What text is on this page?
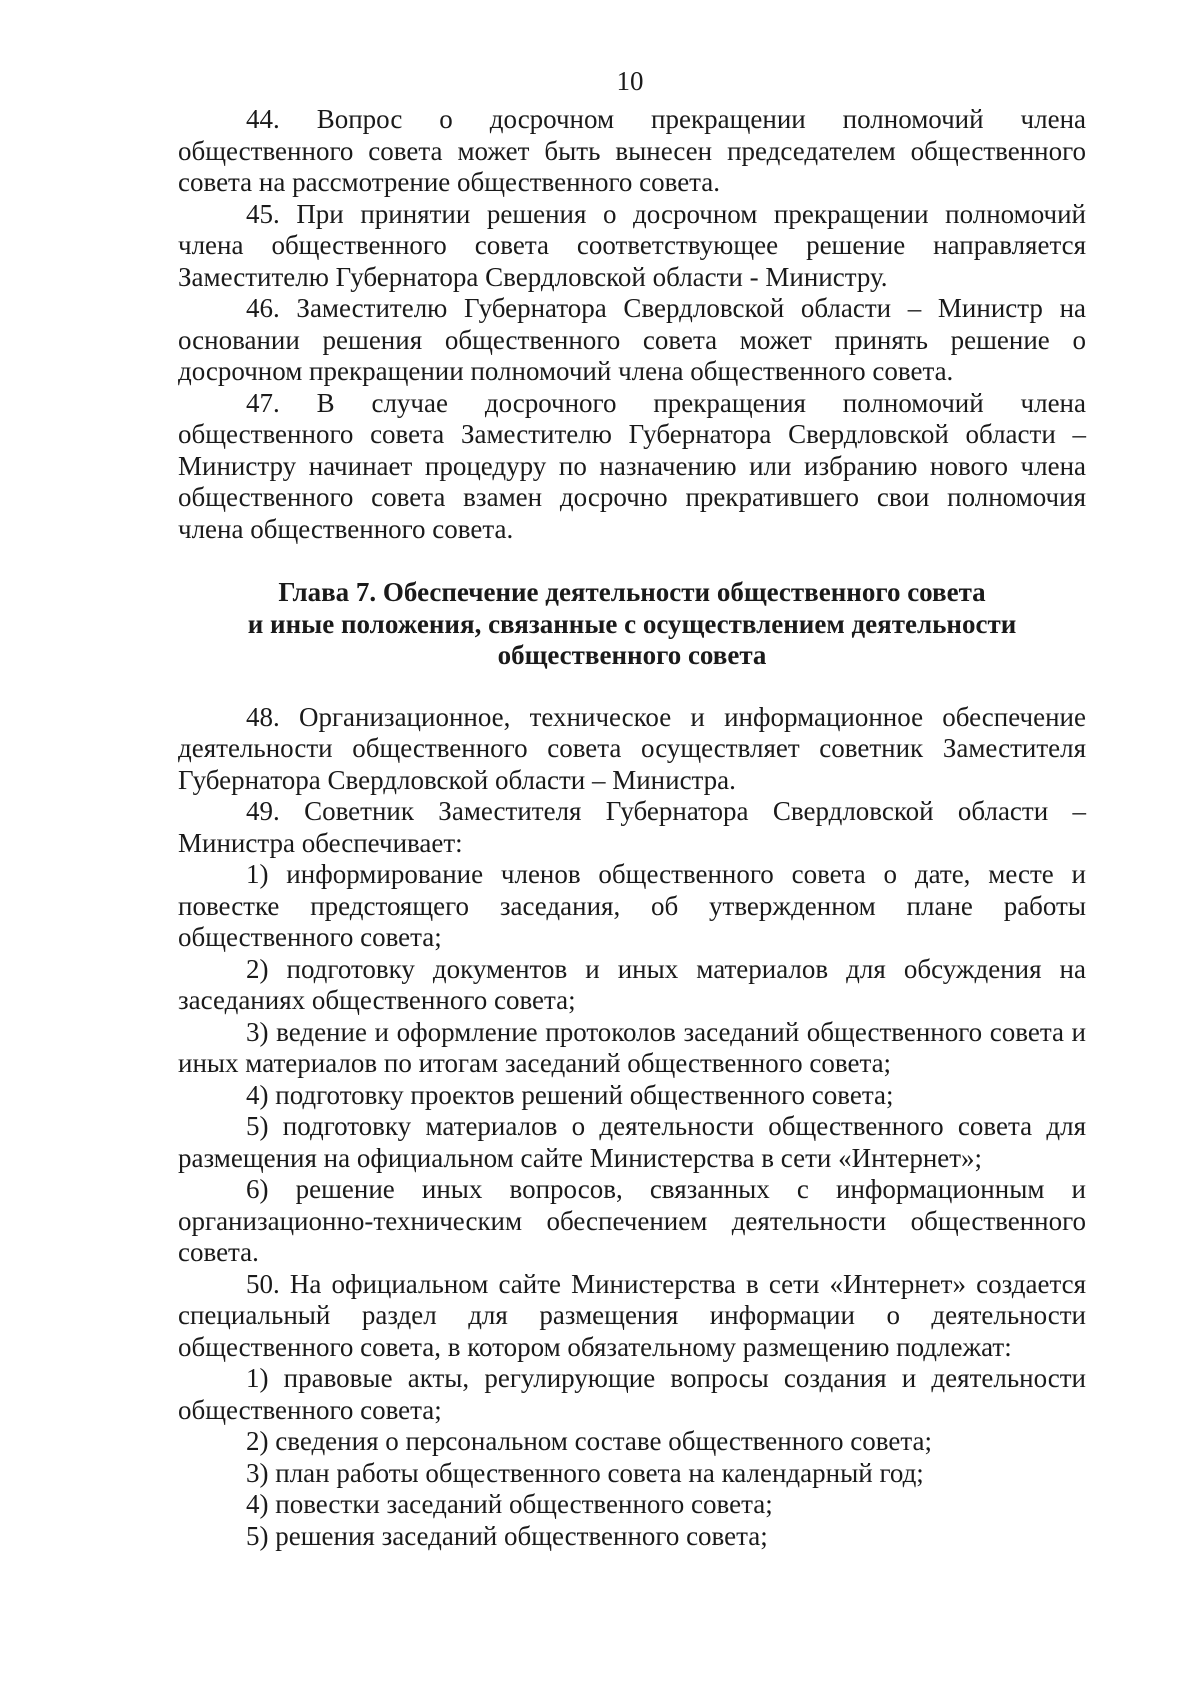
10

44. Вопрос о досрочном прекращении полномочий члена общественного совета может быть вынесен председателем общественного совета на рассмотрение общественного совета.

45. При принятии решения о досрочном прекращении полномочий члена общественного совета соответствующее решение направляется Заместителю Губернатора Свердловской области - Министру.

46. Заместителю Губернатора Свердловской области – Министр на основании решения общественного совета может принять решение о досрочном прекращении полномочий члена общественного совета.

47. В случае досрочного прекращения полномочий члена общественного совета Заместителю Губернатора Свердловской области – Министру начинает процедуру по назначению или избранию нового члена общественного совета взамен досрочно прекратившего свои полномочия члена общественного совета.

Глава 7. Обеспечение деятельности общественного совета
и иные положения, связанные с осуществлением деятельности
общественного совета

48. Организационное, техническое и информационное обеспечение деятельности общественного совета осуществляет советник Заместителя Губернатора Свердловской области – Министра.

49. Советник Заместителя Губернатора Свердловской области – Министра обеспечивает:

1) информирование членов общественного совета о дате, месте и повестке предстоящего заседания, об утвержденном плане работы общественного совета;

2) подготовку документов и иных материалов для обсуждения на заседаниях общественного совета;

3) ведение и оформление протоколов заседаний общественного совета и иных материалов по итогам заседаний общественного совета;

4) подготовку проектов решений общественного совета;

5) подготовку материалов о деятельности общественного совета для размещения на официальном сайте Министерства в сети «Интернет»;

6) решение иных вопросов, связанных с информационным и организационно-техническим обеспечением деятельности общественного совета.

50. На официальном сайте Министерства в сети «Интернет» создается специальный раздел для размещения информации о деятельности общественного совета, в котором обязательному размещению подлежат:

1) правовые акты, регулирующие вопросы создания и деятельности общественного совета;

2) сведения о персональном составе общественного совета;

3) план работы общественного совета на календарный год;

4) повестки заседаний общественного совета;

5) решения заседаний общественного совета;
